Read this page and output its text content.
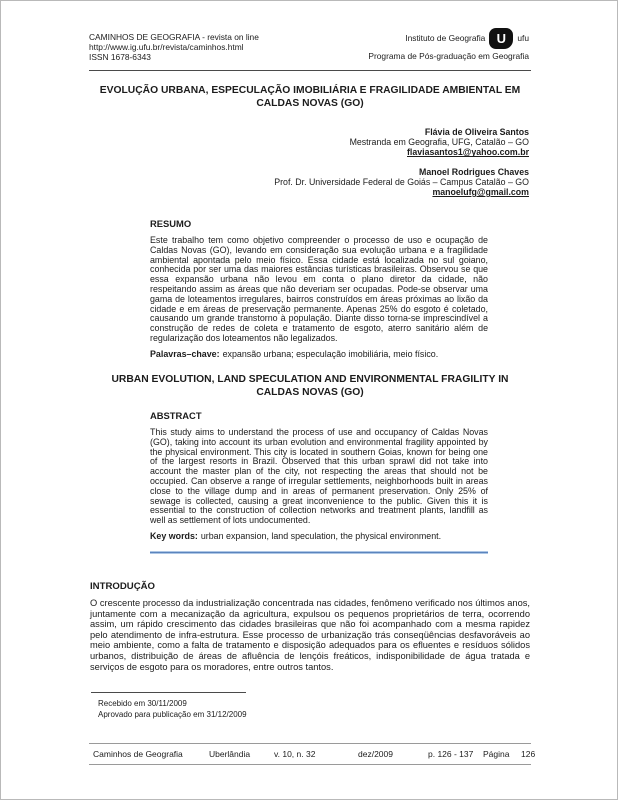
CAMINHOS DE GEOGRAFIA - revista on line
http://www.ig.ufu.br/revista/caminhos.html
ISSN 1678-6343
Instituto de Geografia U ufu
Programa de Pós-graduação em Geografia
EVOLUÇÃO URBANA, ESPECULAÇÃO IMOBILIÁRIA E FRAGILIDADE AMBIENTAL EM CALDAS NOVAS (GO)
Flávia de Oliveira Santos
Mestranda em Geografia, UFG, Catalão – GO
flaviasantos1@yahoo.com.br
Manoel Rodrigues Chaves
Prof. Dr. Universidade Federal de Goiás – Campus Catalão – GO
manoelufg@gmail.com
RESUMO
Este trabalho tem como objetivo compreender o processo de uso e ocupação de Caldas Novas (GO), levando em consideração sua evolução urbana e a fragilidade ambiental apontada pelo meio físico. Essa cidade está localizada no sul goiano, conhecida por ser uma das maiores estâncias turísticas brasileiras. Observou se que essa expansão urbana não levou em conta o plano diretor da cidade, não respeitando assim as áreas que não deveriam ser ocupadas. Pode-se observar uma gama de loteamentos irregulares, bairros construídos em áreas próximas ao lixão da cidade e em áreas de preservação permanente. Apenas 25% do esgoto é coletado, causando um grande transtorno à população. Diante disso torna-se imprescindível a construção de redes de coleta e tratamento de esgoto, aterro sanitário além de regularização dos loteamentos não legalizados.
Palavras–chave: expansão urbana; especulação imobiliária, meio físico.
URBAN EVOLUTION, LAND SPECULATION AND ENVIRONMENTAL FRAGILITY IN CALDAS NOVAS (GO)
ABSTRACT
This study aims to understand the process of use and occupancy of Caldas Novas (GO), taking into account its urban evolution and environmental fragility appointed by the physical environment. This city is located in southern Goias, known for being one of the largest resorts in Brazil. Observed that this urban sprawl did not take into account the master plan of the city, not respecting the areas that should not be occupied. Can observe a range of irregular settlements, neighborhoods built in areas close to the village dump and in areas of permanent preservation. Only 25% of sewage is collected, causing a great inconvenience to the public. Given this it is essential to the construction of collection networks and treatment plants, landfill as well as settlement of lots undocumented.
Key words: urban expansion, land speculation, the physical environment.
INTRODUÇÃO
O crescente processo da industrialização concentrada nas cidades, fenômeno verificado nos últimos anos, juntamente com a mecanização da agricultura, expulsou os pequenos proprietários de terra, ocorrendo assim, um rápido crescimento das cidades brasileiras que não foi acompanhado com a mesma rapidez pelo atendimento de infra-estrutura. Esse processo de urbanização trás conseqüências desfavoráveis ao meio ambiente, como a falta de tratamento e disposição adequados para os efluentes e resíduos sólidos urbanos, distribuição de áreas de afluência de lençóis freáticos, indisponibilidade de água tratada e serviços de esgoto para os moradores, entre outros tantos.
Recebido em 30/11/2009
Aprovado para publicação em 31/12/2009
Caminhos de Geografia	Uberlândia	v. 10, n. 32	dez/2009	p. 126 - 137 Página 126
